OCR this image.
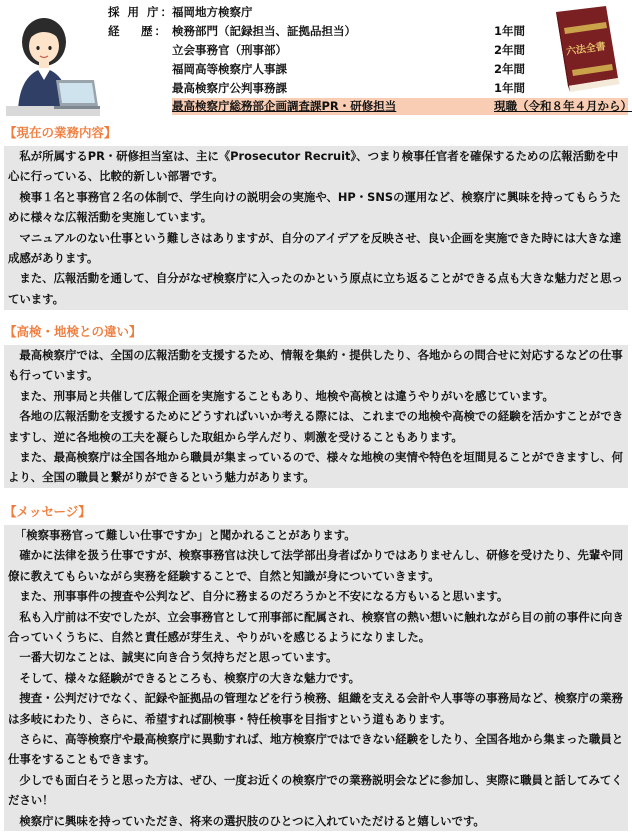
採 用 庁：
福岡地方検察庁
経　 歴： 検務部門（記録担当、証拠品担当）	1年間
立会事務官（刑事部）	2年間
福岡高等検察庁人事課	2年間
最高検察庁公判事務課	1年間
最高検察庁総務部企画調査課PR・研修担当	現職（令和８年４月から）
六法全書
【現在の業務内容】

私が所属するPR・研修担当室は、主に《Prosecutor Recruit》、つまり検事任官者を確保するための広報活動を中心に行っている、比較的新しい部署です。

検事１名と事務官２名の体制で、学生向けの説明会の実施や、HP・SNSの運用など、検察庁に興味を持ってもらうために様々な広報活動を実施しています。

マニュアルのない仕事という難しさはありますが、自分のアイデアを反映させ、良い企画を実施できた時には大きな達成感があります。

また、広報活動を通して、自分がなぜ検察庁に入ったのかという原点に立ち返ることができる点も大きな魅力だと思っています。

【高検・地検との違い】

最高検察庁では、全国の広報活動を支援するため、情報を集約・提供したり、各地からの問合せに対応するなどの仕事も行っています。

また、刑事局と共催して広報企画を実施することもあり、地検や高検とは違うやりがいを感じています。

各地の広報活動を支援するためにどうすればいいか考える際には、これまでの地検や高検での経験を活かすことができますし、逆に各地検の工夫を凝らした取組から学んだり、刺激を受けることもあります。

また、最高検察庁は全国各地から職員が集まっているので、様々な地検の実情や特色を垣間見ることができますし、何より、全国の職員と繋がりができるという魅力があります。

【メッセージ】

「検察事務官って難しい仕事ですか」と聞かれることがあります。

確かに法律を扱う仕事ですが、検察事務官は決して法学部出身者ばかりではありませんし、研修を受けたり、先輩や同僚に教えてもらいながら実務を経験することで、自然と知識が身についていきます。

また、刑事事件の捜査や公判など、自分に務まるのだろうかと不安になる方もいると思います。

私も入庁前は不安でしたが、立会事務官として刑事部に配属され、検察官の熱い想いに触れながら目の前の事件に向き合っていくうちに、自然と責任感が芽生え、やりがいを感じるようになりました。

一番大切なことは、誠実に向き合う気持ちだと思っています。

そして、様々な経験ができるところも、検察庁の大きな魅力です。

捜査・公判だけでなく、記録や証拠品の管理などを行う検務、組織を支える会計や人事等の事務局など、検察庁の業務は多岐にわたり、さらに、希望すれば副検事・特任検事を目指すという道もあります。

さらに、高等検察庁や最高検察庁に異動すれば、地方検察庁ではできない経験をしたり、全国各地から集まった職員と仕事をすることもできます。

少しでも面白そうと思った方は、ぜひ、一度お近くの検察庁での業務説明会などに参加し、実際に職員と話してみてください！

検察庁に興味を持っていただき、将来の選択肢のひとつに入れていただけると嬉しいです。
